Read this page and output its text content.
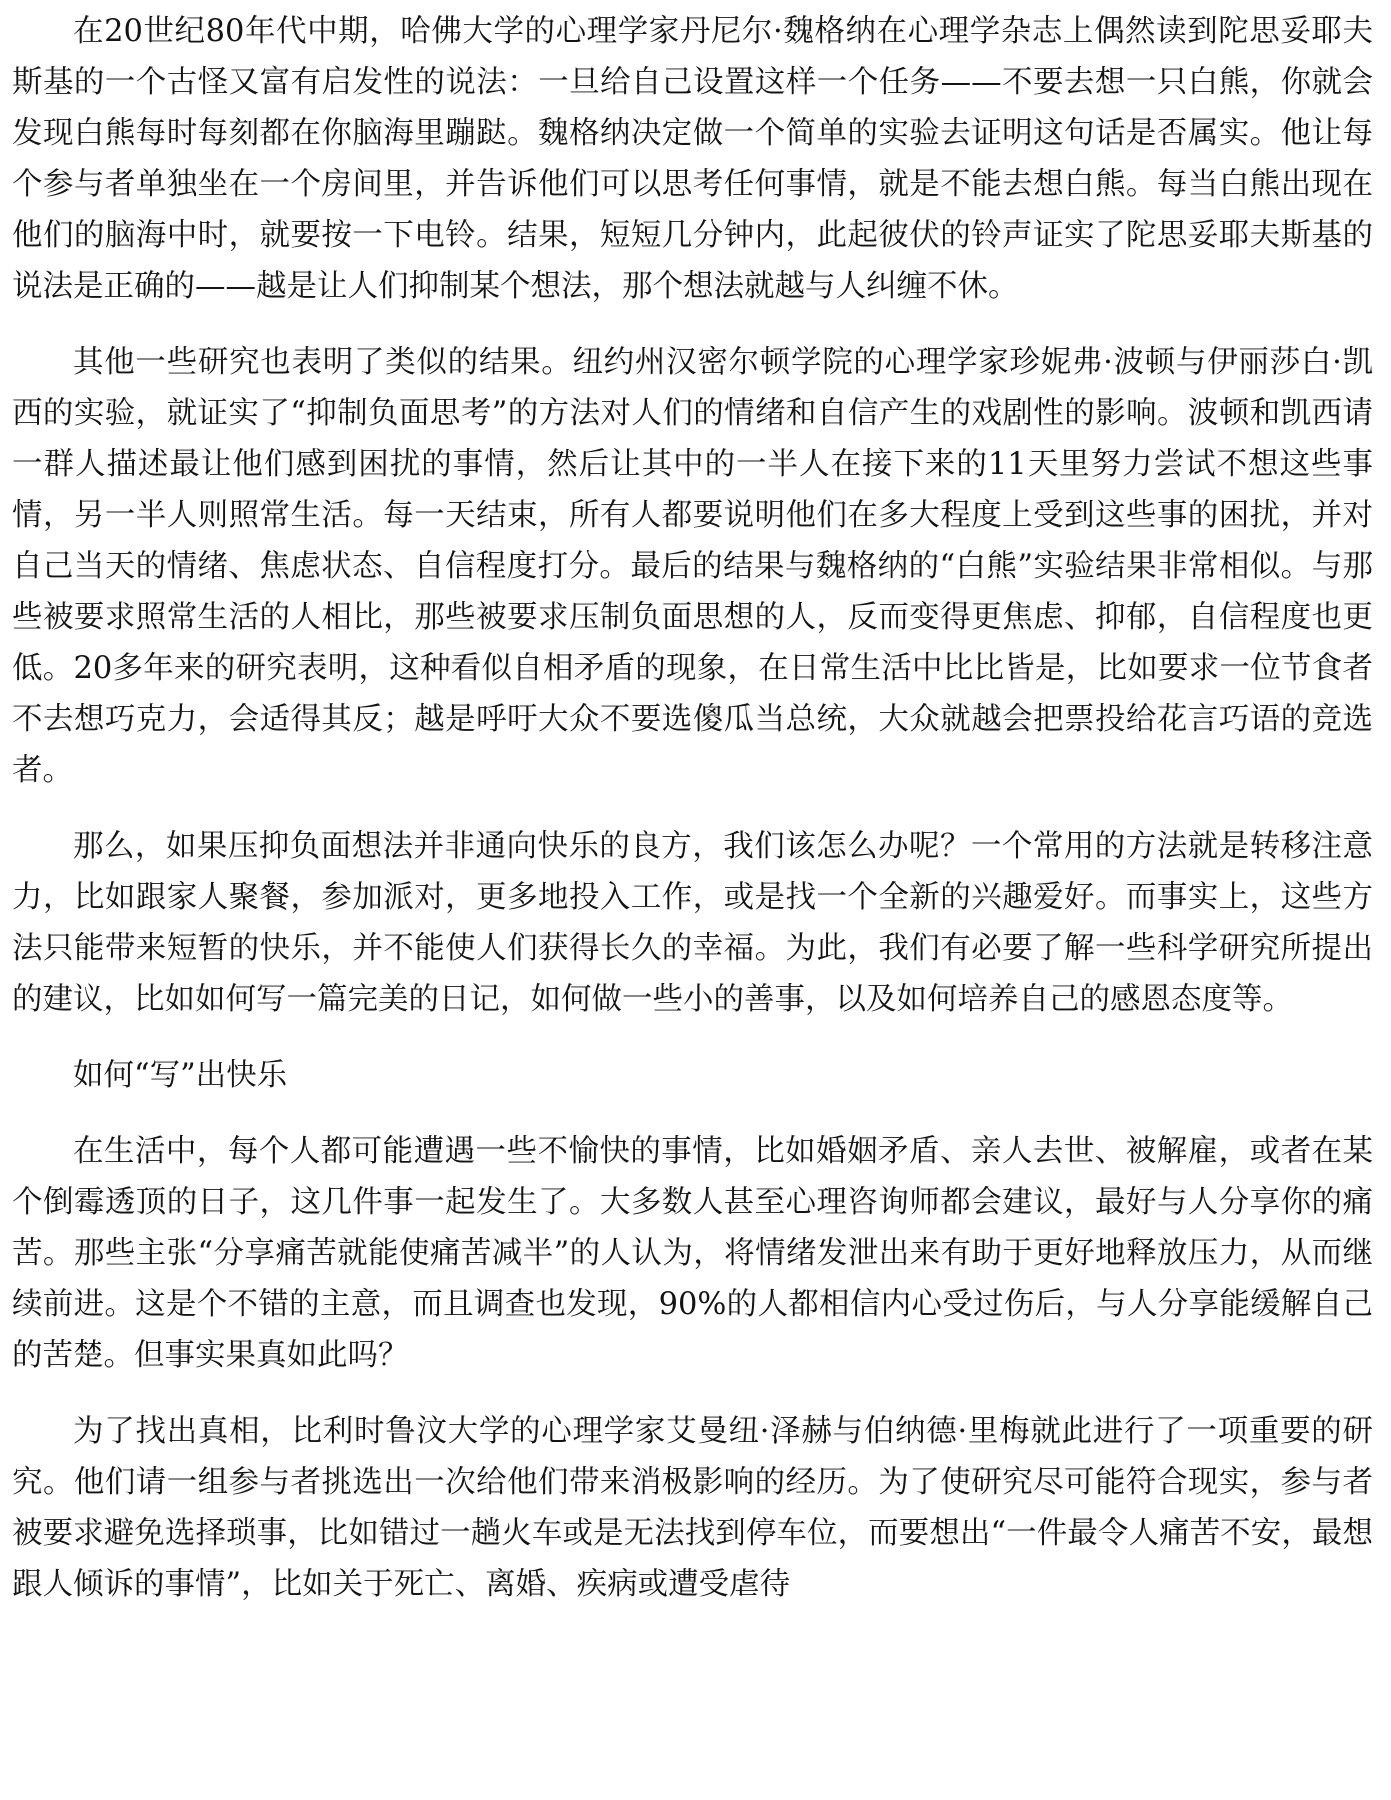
在20世纪80年代中期，哈佛大学的心理学家丹尼尔·魏格纳在心理学杂志上偶然读到陀思妥耶夫斯基的一个古怪又富有启发性的说法：一旦给自己设置这样一个任务——不要去想一只白熊，你就会发现白熊每时每刻都在你脑海里蹦跶。魏格纳决定做一个简单的实验去证明这句话是否属实。他让每个参与者单独坐在一个房间里，并告诉他们可以思考任何事情，就是不能去想白熊。每当白熊出现在他们的脑海中时，就要按一下电铃。结果，短短几分钟内，此起彼伏的铃声证实了陀思妥耶夫斯基的说法是正确的——越是让人们抑制某个想法，那个想法就越与人纠缠不休。

其他一些研究也表明了类似的结果。纽约州汉密尔顿学院的心理学家珍妮弗·波顿与伊丽莎白·凯西的实验，就证实了“抑制负面思考”的方法对人们的情绪和自信产生的戏剧性的影响。波顿和凯西请一群人描述最让他们感到困扰的事情，然后让其中的一半人在接下来的11天里努力尝试不想这些事情，另一半人则照常生活。每一天结束，所有人都要说明他们在多大程度上受到这些事的困扰，并对自己当天的情绪、焦虑状态、自信程度打分。最后的结果与魏格纳的“白熊”实验结果非常相似。与那些被要求照常生活的人相比，那些被要求压制负面思想的人，反而变得更焦虑、抑郁，自信程度也更低。20多年来的研究表明，这种看似自相矛盾的现象，在日常生活中比比皆是，比如要求一位节食者不去想巧克力，会适得其反；越是呼吁大众不要选傻瓜当总统，大众就越会把票投给花言巧语的竞选者。

那么，如果压抑负面想法并非通向快乐的良方，我们该怎么办呢？一个常用的方法就是转移注意力，比如跟家人聚餐，参加派对，更多地投入工作，或是找一个全新的兴趣爱好。而事实上，这些方法只能带来短暂的快乐，并不能使人们获得长久的幸福。为此，我们有必要了解一些科学研究所提出的建议，比如如何写一篇完美的日记，如何做一些小的善事，以及如何培养自己的感恩态度等。

如何“写”出快乐

在生活中，每个人都可能遭遇一些不愉快的事情，比如婚姻矛盾、亲人去世、被解雇，或者在某个倒霉透顶的日子，这几件事一起发生了。大多数人甚至心理咨询师都会建议，最好与人分享你的痛苦。那些主张“分享痛苦就能使痛苦减半”的人认为，将情绪发泄出来有助于更好地释放压力，从而继续前进。这是个不错的主意，而且调查也发现，90%的人都相信内心受过伤后，与人分享能缓解自己的苦楚。但事实果真如此吗？

为了找出真相，比利时鲁汶大学的心理学家艾曼纽·泽赫与伯纳德·里梅就此进行了一项重要的研究。他们请一组参与者挑选出一次给他们带来消极影响的经历。为了使研究尽可能符合现实，参与者被要求避免选择琐事，比如错过一趟火车或是无法找到停车位，而要想出“一件最令人痛苦不安，最想跟人倾诉的事情”，比如关于死亡、离婚、疾病或遭受虐待
